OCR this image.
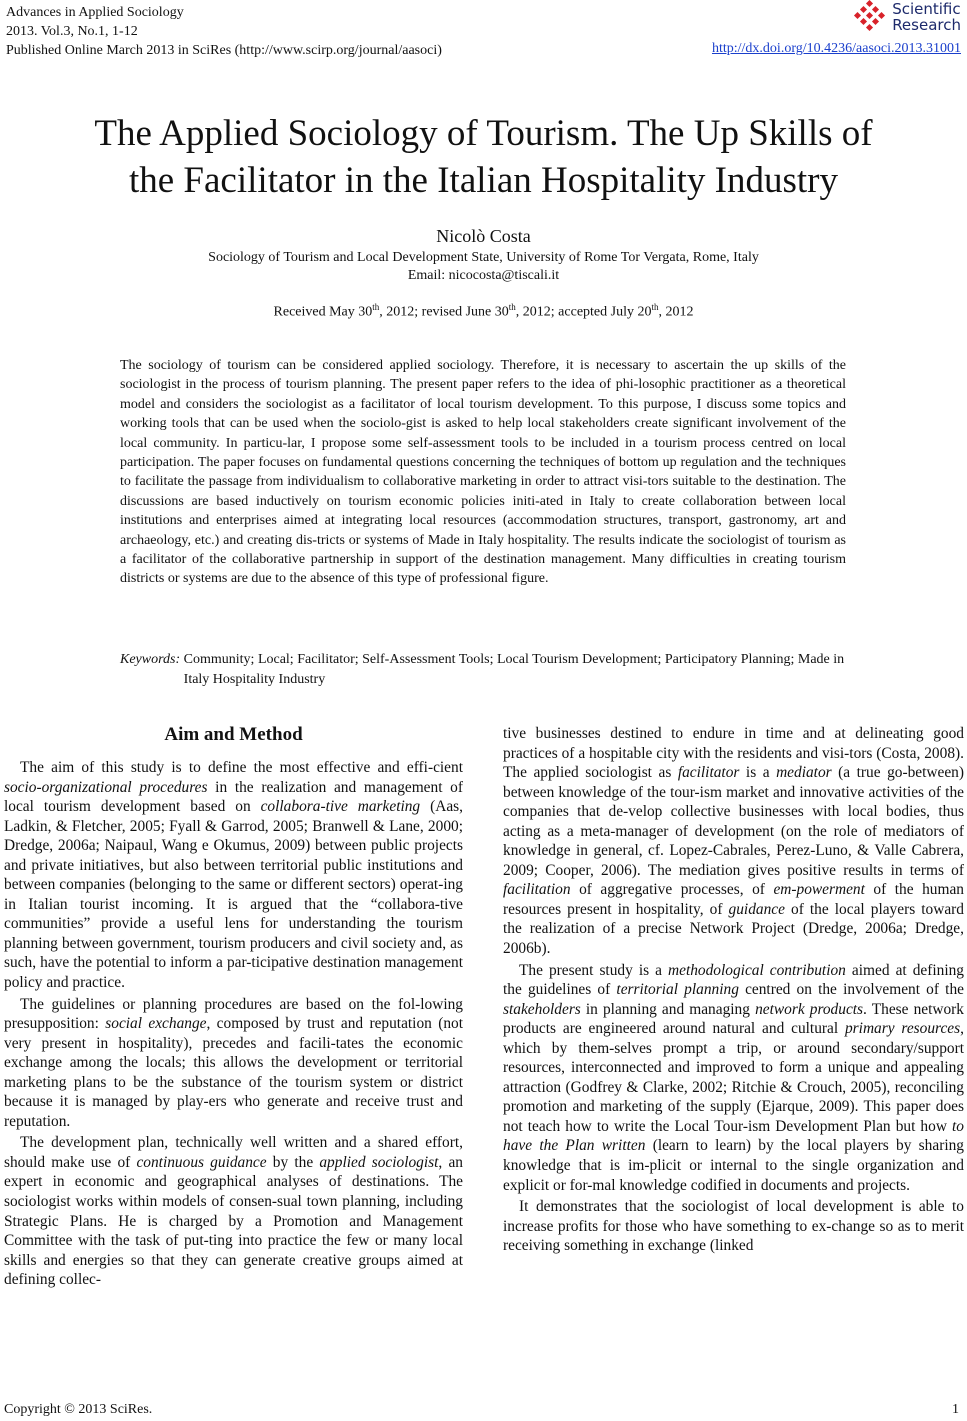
Advances in Applied Sociology
2013. Vol.3, No.1, 1-12
Published Online March 2013 in SciRes (http://www.scirp.org/journal/aasoci)
Scientific
Research
http://dx.doi.org/10.4236/aasoci.2013.31001
The Applied Sociology of Tourism. The Up Skills of the Facilitator in the Italian Hospitality Industry
Nicolò Costa
Sociology of Tourism and Local Development State, University of Rome Tor Vergata, Rome, Italy
Email: nicocosta@tiscali.it
Received May 30th, 2012; revised June 30th, 2012; accepted July 20th, 2012
The sociology of tourism can be considered applied sociology. Therefore, it is necessary to ascertain the up skills of the sociologist in the process of tourism planning. The present paper refers to the idea of phi-losophic practitioner as a theoretical model and considers the sociologist as a facilitator of local tourism development. To this purpose, I discuss some topics and working tools that can be used when the sociolo-gist is asked to help local stakeholders create significant involvement of the local community. In particu-lar, I propose some self-assessment tools to be included in a tourism process centred on local participation. The paper focuses on fundamental questions concerning the techniques of bottom up regulation and the techniques to facilitate the passage from individualism to collaborative marketing in order to attract visi-tors suitable to the destination. The discussions are based inductively on tourism economic policies initi-ated in Italy to create collaboration between local institutions and enterprises aimed at integrating local resources (accommodation structures, transport, gastronomy, art and archaeology, etc.) and creating dis-tricts or systems of Made in Italy hospitality. The results indicate the sociologist of tourism as a facilitator of the collaborative partnership in support of the destination management. Many difficulties in creating tourism districts or systems are due to the absence of this type of professional figure.
Keywords: Community; Local; Facilitator; Self-Assessment Tools; Local Tourism Development; Participatory Planning; Made in Italy Hospitality Industry
Aim and Method

The aim of this study is to define the most effective and effi-cient socio-organizational procedures in the realization and management of local tourism development based on collabora-tive marketing (Aas, Ladkin, & Fletcher, 2005; Fyall & Garrod, 2005; Branwell & Lane, 2000; Dredge, 2006a; Naipaul, Wang e Okumus, 2009) between public projects and private initiatives, but also between territorial public institutions and between companies (belonging to the same or different sectors) operat-ing in Italian tourist incoming. It is argued that the “collabora-tive communities” provide a useful lens for understanding the tourism planning between government, tourism producers and civil society and, as such, have the potential to inform a par-ticipative destination management policy and practice.

The guidelines or planning procedures are based on the fol-lowing presupposition: social exchange, composed by trust and reputation (not very present in hospitality), precedes and facili-tates the economic exchange among the locals; this allows the development or territorial marketing plans to be the substance of the tourism system or district because it is managed by play-ers who generate and receive trust and reputation.

The development plan, technically well written and a shared effort, should make use of continuous guidance by the applied sociologist, an expert in economic and geographical analyses of destinations. The sociologist works within models of consen-sual town planning, including Strategic Plans. He is charged by a Promotion and Management Committee with the task of put-ting into practice the few or many local skills and energies so that they can generate creative groups aimed at defining collec-

tive businesses destined to endure in time and at delineating good practices of a hospitable city with the residents and visi-tors (Costa, 2008). The applied sociologist as facilitator is a mediator (a true go-between) between knowledge of the tour-ism market and innovative activities of the companies that de-velop collective businesses with local bodies, thus acting as a meta-manager of development (on the role of mediators of knowledge in general, cf. Lopez-Cabrales, Perez-Luno, & Valle Cabrera, 2009; Cooper, 2006). The mediation gives positive results in terms of facilitation of aggregative processes, of em-powerment of the human resources present in hospitality, of guidance of the local players toward the realization of a precise Network Project (Dredge, 2006a; Dredge, 2006b).

The present study is a methodological contribution aimed at defining the guidelines of territorial planning centred on the involvement of the stakeholders in planning and managing network products. These network products are engineered around natural and cultural primary resources, which by them-selves prompt a trip, or around secondary/support resources, interconnected and improved to form a unique and appealing attraction (Godfrey & Clarke, 2002; Ritchie & Crouch, 2005), reconciling promotion and marketing of the supply (Ejarque, 2009). This paper does not teach how to write the Local Tour-ism Development Plan but how to have the Plan written (learn to learn) by the local players by sharing knowledge that is im-plicit or internal to the single organization and explicit or for-mal knowledge codified in documents and projects.

It demonstrates that the sociologist of local development is able to increase profits for those who have something to ex-change so as to merit receiving something in exchange (linked

Copyright © 2013 SciRes.	1
